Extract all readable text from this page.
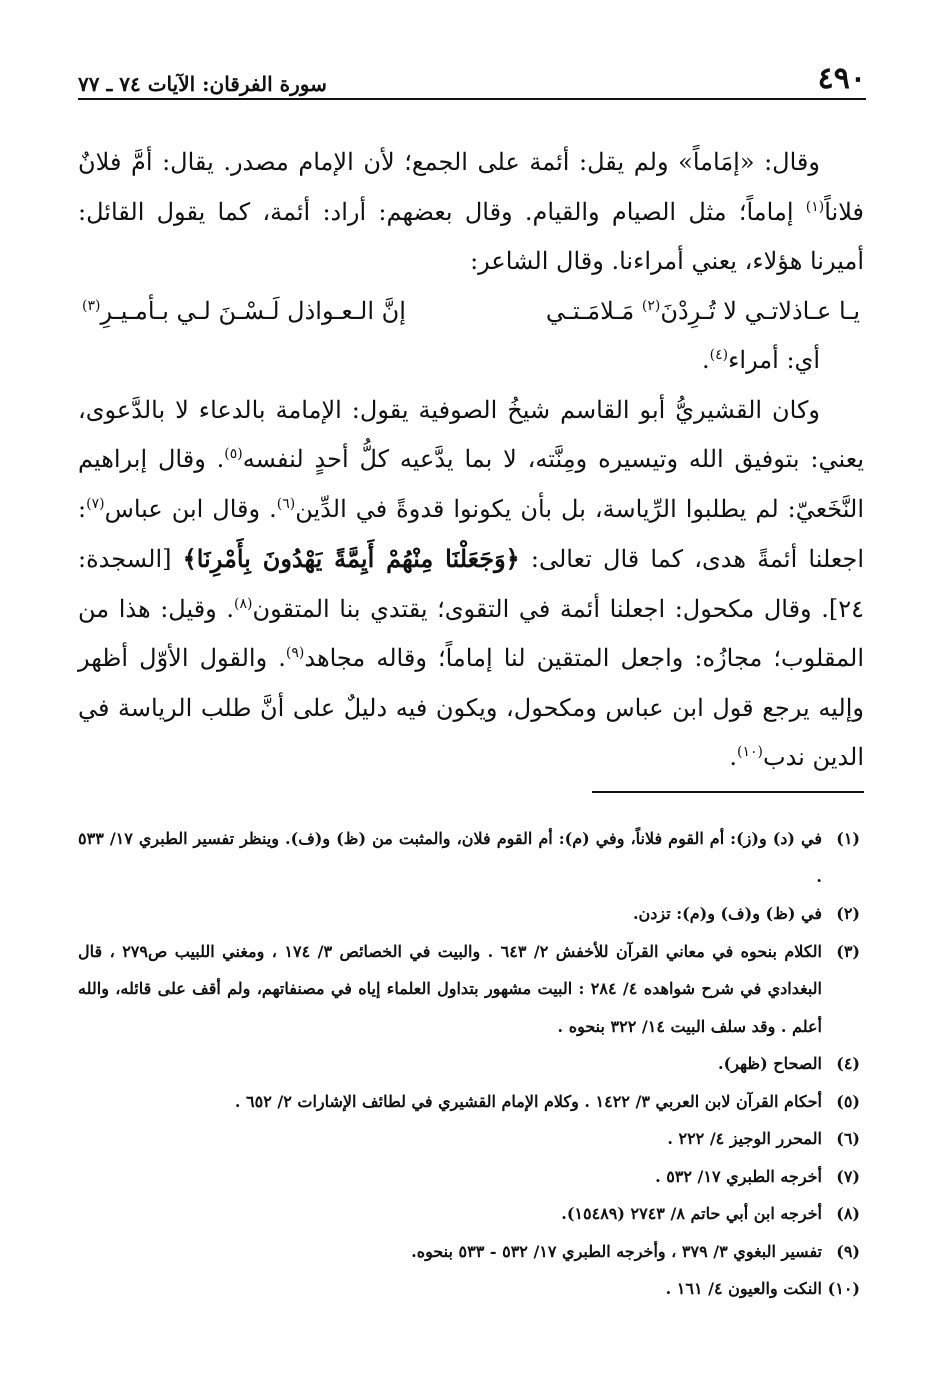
٤٩٠
سورة الفرقان: الآيات ٧٤ ـ ٧٧

وقال: «إمَاماً» ولم يقل: أئمة على الجمع؛ لأن الإمام مصدر. يقال: أمَّ فلانٌ فلاناً$^{(١)}$ إماماً؛ مثل الصيام والقيام. وقال بعضهم: أراد: أئمة، كما يقول القائل: أميرنا هؤلاء، يعني أمراءنا. وقال الشاعر:

يـا عـاذلاتـي لا تُـرِدْنَ$^{(٢)}$ مَـلامَـتـي
إنَّ الـعـواذل لَـسْـنَ لـي بـأمـيـرِ$^{(٣)}$

أي: أمراء$^{(٤)}$.

وكان القشيريُّ أبو القاسم شيخُ الصوفية يقول: الإمامة بالدعاء لا بالدَّعوى، يعني: بتوفيق الله وتيسيره ومِنَّته، لا بما يدَّعيه كلُّ أحدٍ لنفسه$^{(٥)}$. وقال إبراهيم النَّخَعيّ: لم يطلبوا الرِّياسة، بل بأن يكونوا قدوةً في الدِّين$^{(٦)}$. وقال ابن عباس$^{(٧)}$: اجعلنا أئمةً هدى، كما قال تعالى: ﴿وَجَعَلْنَا مِنْهُمْ أَيِمَّةً يَهْدُونَ بِأَمْرِنَا﴾ [السجدة: ٢٤]. وقال مكحول: اجعلنا أئمة في التقوى؛ يقتدي بنا المتقون$^{(٨)}$. وقيل: هذا من المقلوب؛ مجازُه: واجعل المتقين لنا إماماً؛ وقاله مجاهد$^{(٩)}$. والقول الأوّل أظهر وإليه يرجع قول ابن عباس ومكحول، ويكون فيه دليلٌ على أنَّ طلب الرياسة في الدين ندب$^{(١٠)}$.

(١)
في (د) و(ز): أم القوم فلاناً، وفي (م): أم القوم فلان، والمثبت من (ظ) و(ف). وينظر تفسير الطبري ١٧/ ٥٣٣ .
(٢)
في (ظ) و(ف) و(م): تزدن.
(٣)
الكلام بنحوه في معاني القرآن للأخفش ٢/ ٦٤٣ . والبيت في الخصائص ٣/ ١٧٤ ، ومغني اللبيب ص٢٧٩ ، قال البغدادي في شرح شواهده ٤/ ٢٨٤ : البيت مشهور بتداول العلماء إياه في مصنفاتهم، ولم أقف على قائله، والله أعلم . وقد سلف البيت ١٤/ ٣٢٢ بنحوه .
(٤)
الصحاح (ظهر).
(٥)
أحكام القرآن لابن العربي ٣/ ١٤٢٢ . وكلام الإمام القشيري في لطائف الإشارات ٢/ ٦٥٢ .
(٦)
المحرر الوجيز ٤/ ٢٢٢ .
(٧)
أخرجه الطبري ١٧/ ٥٣٢ .
(٨)
أخرجه ابن أبي حاتم ٨/ ٢٧٤٣ (١٥٤٨٩).
(٩)
تفسير البغوي ٣/ ٣٧٩ ، وأخرجه الطبري ١٧/ ٥٣٢ - ٥٣٣ بنحوه.
(١٠)
النكت والعيون ٤/ ١٦١ .
